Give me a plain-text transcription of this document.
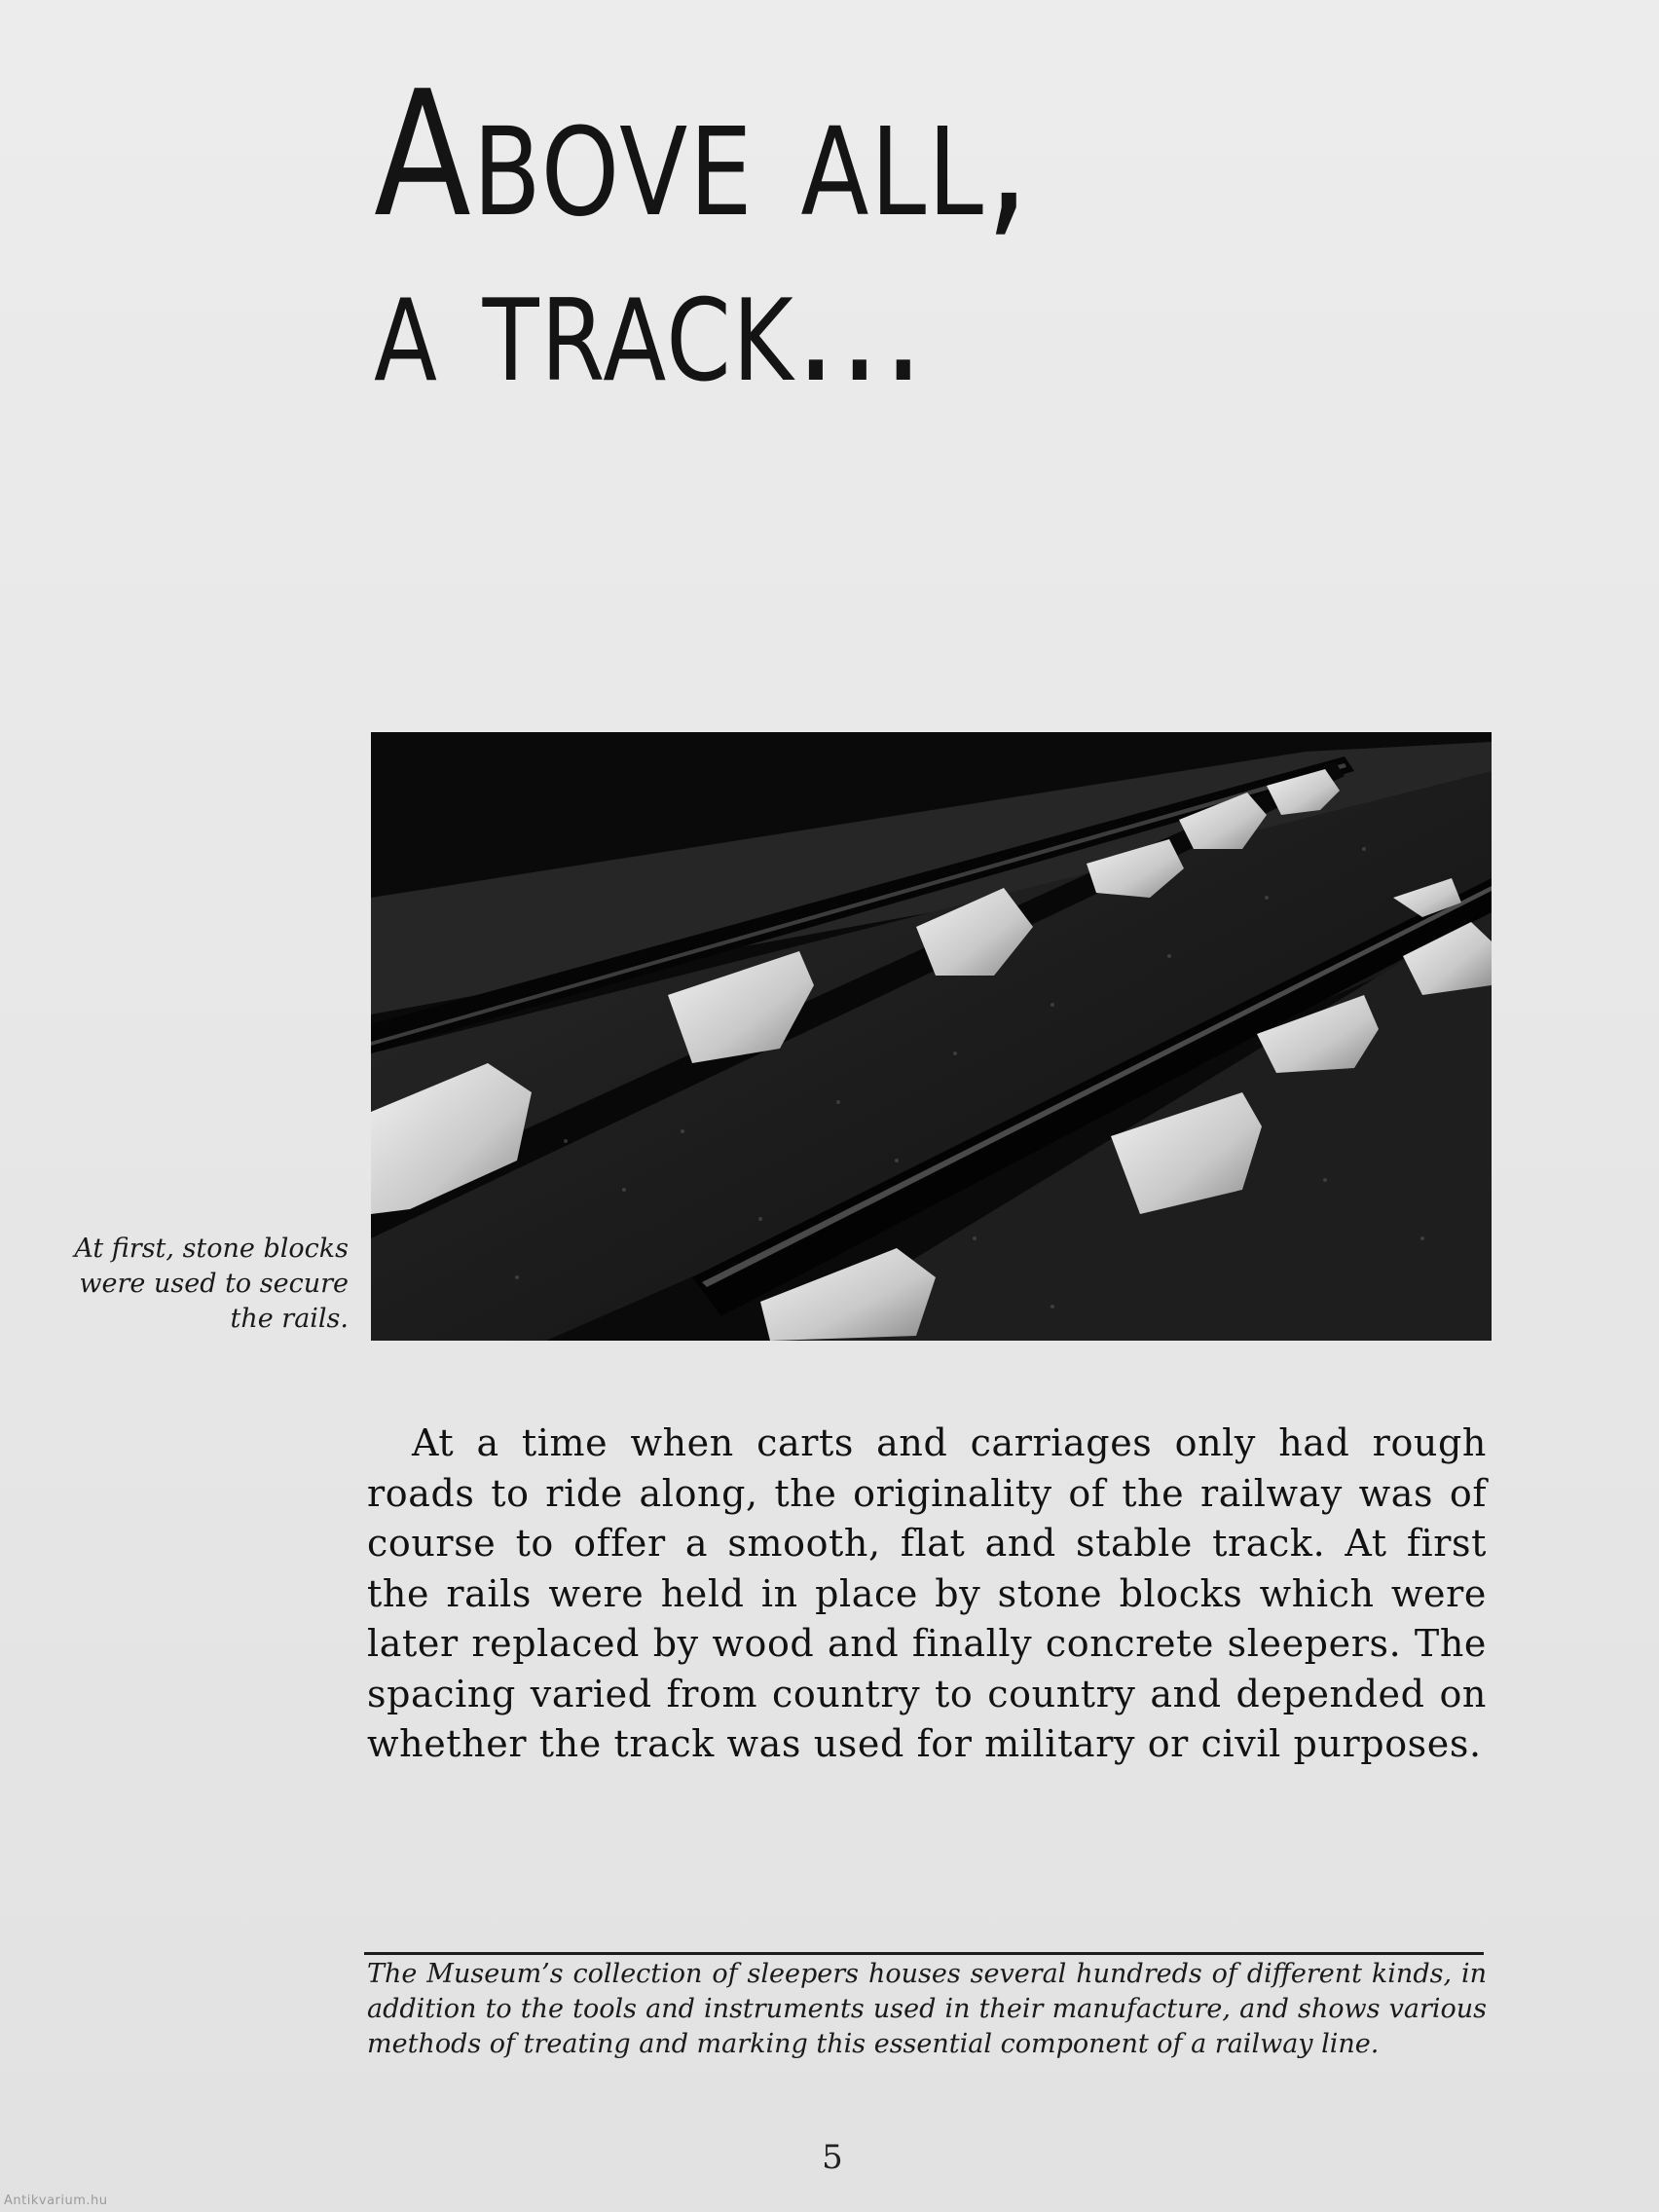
Above all,
a track...

At first, stone blocks were used to secure the rails.

At a time when carts and carriages only had rough roads to ride along, the originality of the railway was of course to offer a smooth, flat and stable track. At first the rails were held in place by stone blocks which were later replaced by wood and finally concrete sleepers. The spacing varied from country to country and depended on whether the track was used for military or civil purposes.

The Museum’s collection of sleepers houses several hundreds of different kinds, in addition to the tools and instruments used in their manufacture, and shows various methods of treating and marking this essential component of a railway line.

5
Antikvarium.hu
